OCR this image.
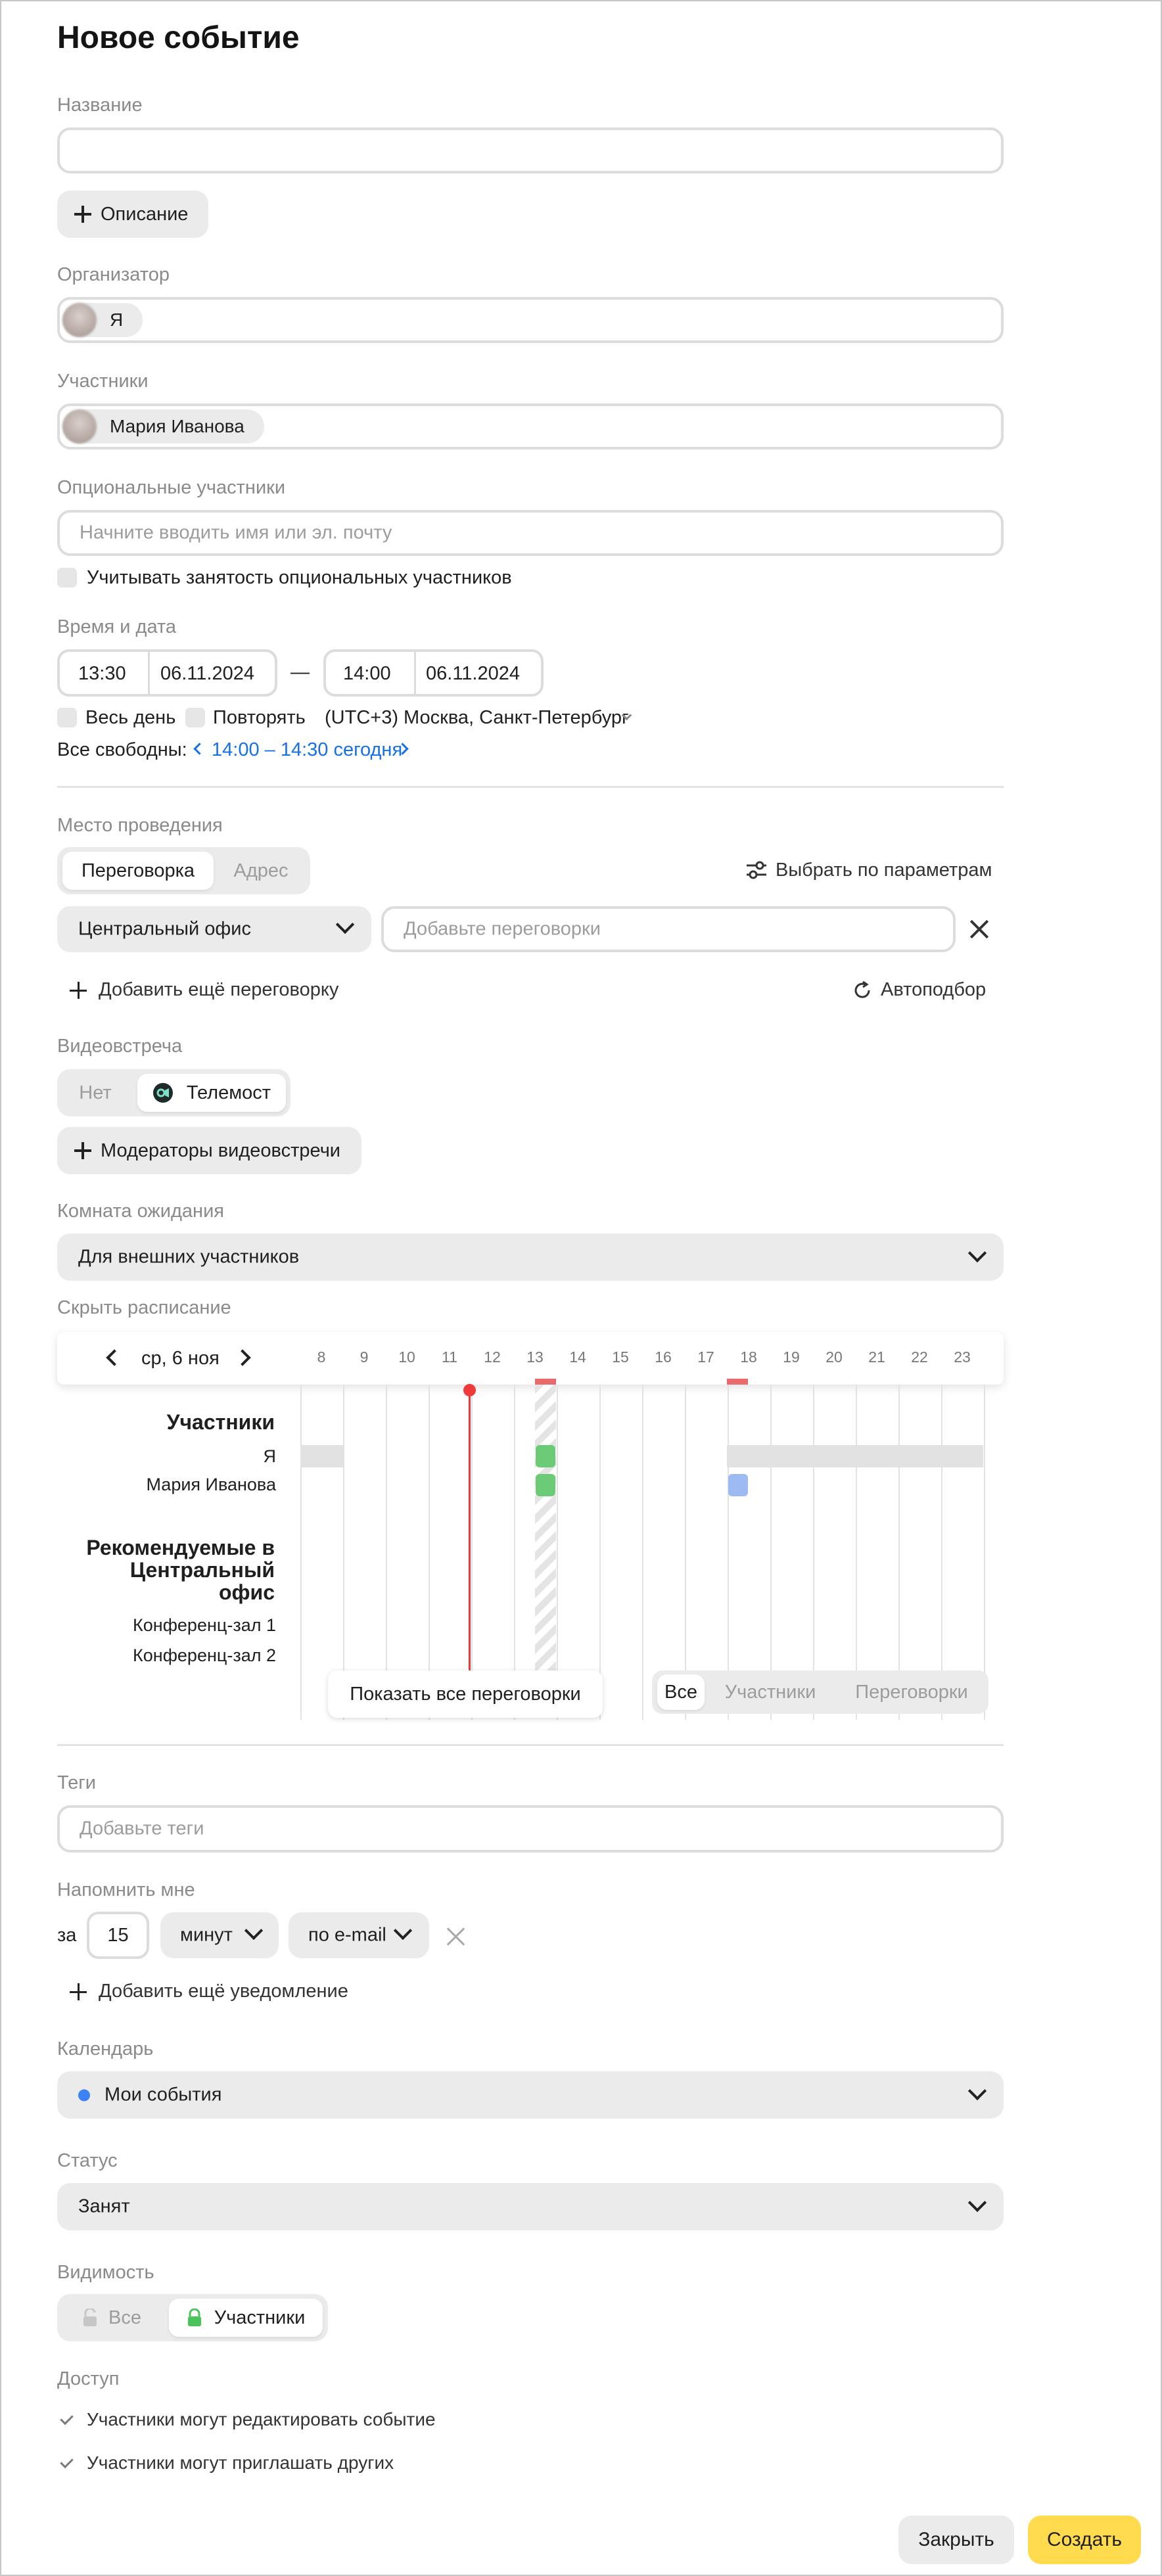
Новое событие
Название
Описание
Организатор
Я
Участники
Мария Иванова
Опциональные участники
Начните вводить имя или эл. почту
Учитывать занятость опциональных участников
Время и дата
13:30 06.11.2024 — 14:00 06.11.2024
Весь день Повторять (UTC+3) Москва, Санкт-Петербург
Все свободны: 14:00 – 14:30 сегодня
Место проведения
Переговорка	Адрес	Выбрать по параметрам
Центральный офис	Добавьте переговорки
Добавить ещё переговорку	Автоподбор
Видеовстреча
Нет	Телемост
Модераторы видеовстречи
Комната ожидания
Для внешних участников
Скрыть расписание
ср, 6 ноя	8	9	10	11	12	13	14	15	16	17	18	19	20	21	22	23
Участники
Я
Мария Иванова
Рекомендуемые в Центральный офис
Конференц-зал 1
Конференц-зал 2
Показать все переговорки	Все	Участники	Переговорки
Теги
Добавьте теги
Напомнить мне
за	15	минут	по e-mail
Добавить ещё уведомление
Календарь
Мои события
Статус
Занят
Видимость
Все	Участники
Доступ
Участники могут редактировать событие
Участники могут приглашать других
Закрыть	Создать
